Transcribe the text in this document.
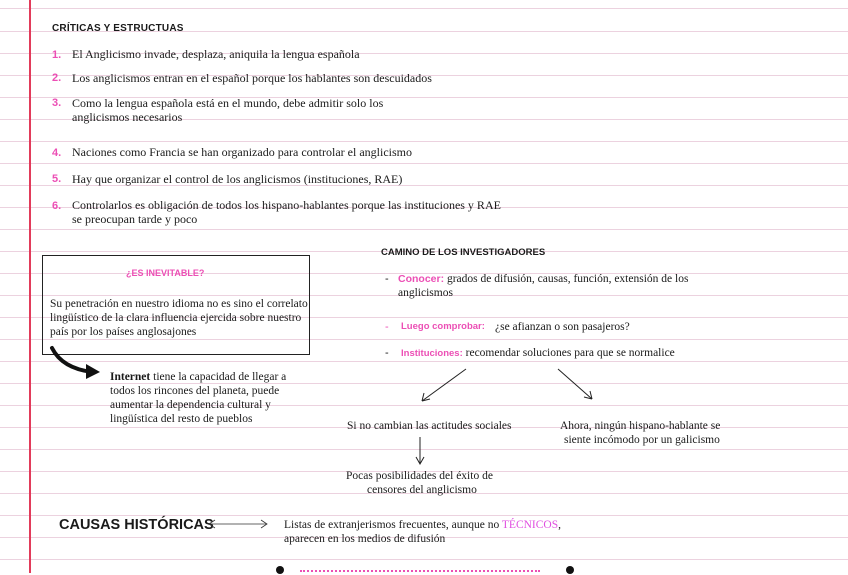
CRÍTICAS Y ESTRUCTUAS
1. El Anglicismo invade, desplaza, aniquila la lengua española
2. Los anglicismos entran en el español porque los hablantes son descuidados
3. Como la lengua española está en el mundo, debe admitir solo los
anglicismos necesarios
4. Naciones como Francia se han organizado para controlar el anglicismo
5. Hay que organizar el control de los anglicismos (instituciones, RAE)
6. Controlarlos es obligación de todos los hispano-hablantes porque las instituciones y RAE
se preocupan tarde y poco
¿ES INEVITABLE?
Su penetración en nuestro idioma no es sino el correlato lingüístico de la clara influencia ejercida sobre nuestro país por los países anglosajones
Internet tiene la capacidad de llegar a todos los rincones del planeta, puede aumentar la dependencia cultural y lingüística del resto de pueblos
CAMINO DE LOS INVESTIGADORES
- Conocer: grados de difusión, causas, función, extensión de los
anglicismos
- Luego comprobar: ¿se afianzan o son pasajeros?
- Instituciones: recomendar soluciones para que se normalice
Si no cambian las actitudes sociales	Ahora, ningún hispano-hablante se
siente incómodo por un galicismo
Pocas posibilidades del éxito de
censores del anglicismo
CAUSAS HISTÓRICAS	Listas de extranjerismos frecuentes, aunque no TÉCNICOS,
aparecen en los medios de difusión
